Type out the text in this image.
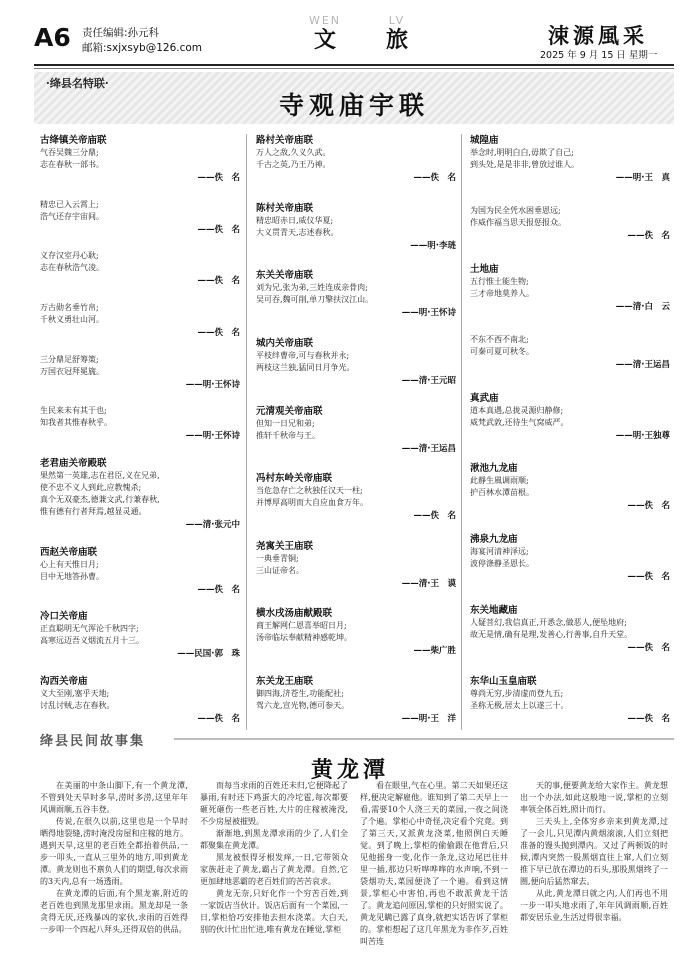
A6 责任编辑:孙元科
邮箱:sxjxsyb@126.com
WEN
文
LV
旅	涑源風采
2025 年 9 月 15 日 星期一
·绛县名特联·
寺观庙宇联
古绛镇关帝庙联
气吞吴魏三分鼎;
志在春秋一部书。
——佚　名
精忠已入云霄上;
浩气还存宇宙间。
——佚　名
义存汉室丹心耿;
志在春秋浩气凌。
——佚　名
万古勋名垂竹帛;
千秋义勇壮山河。
——佚　名
三分鼎足舒筹策;
万国衣冠拜冕旒。
——明·王怀诗
生民来未有其于也;
知我者其惟春秋乎。
——明·王怀诗
老君庙关帝殿联
果然第一英雄,志在君臣,义在兄弟,
使不忠不义人到此,应教愧杀;
真个无双豪杰,德兼文武,行兼春秋,
惟有德有行者拜焉,越显灵通。
——清·张元中
西赵关帝庙联
心上有天惟日月;
目中无地答孙曹。
——佚　名
冷口关帝庙
正直聪明无气浑沦千秋四字;
高寒远迈吾义烟流五月十三。
——民国·郭　珠
沟西关帝庙
义大至刚,塞乎天地;
讨乱讨贼,志在春秋。
——佚　名
路村关帝庙联
万人之敌,久义久武。
千古之英,乃王乃神。
——佚　名
陈村关帝庙联
精忠昭赤日,威仪华夏;
大义贯青天,志述春秋。
——明·李琏
东关关帝庙联
刘为兄,张为弟,三姓连成亲骨肉;
吴可吞,魏可削,单刀擎扶汉江山。
——明·王怀诗
城内关帝庙联
平枝绊曹帝,可与春秋并永;
两枝这兰独,猛同日月争光。
——清·王元昭
元清观关帝庙联
但知一日兄和弟;
推轩千秋帝与王。
——清·王运昌
冯村东岭关帝庙联
当危急存亡之秋独任汉天一柱;
并博厚高明而大自应血食万年。
——佚　名
尧寓关王庙联
一典垂青铜;
三山证帝名。
——清·王　谟
横水戌汤庙献殿联
商王解网仁恩喜举昭日月;
汤帝临坛奉献精神感乾坤。
——柴广胜
东关龙王庙联
御四海,济苍生,功能配社;
驾六龙,宣光物,德可参天。
——明·王　洋
城隍庙
举念时,明明白白,毋欺了自己;
到头处,是是非非,曾放过谁人。
——明·王　真
为国为民全凭水困垂恩远;
作威作福当思天报惩报众。
——佚　名
土地庙
五行惟土能生物;
三才帝地莫养人。
——清·白　云
不东不西不南北;
可秦可夏可秋冬。
——清·王运昌
真武庙
道本真遇,总拢灵源归静修;
威梵武敦,还待生气窝威严。
——明·王独尊
湫池九龙庙
此靜生風调雨顺;
护百林水潭苗根。
——佚　名
沸泉九龙庙
海宴河清神泽远;
波停涤静圣恩长。
——佚　名
东关地藏庙
人疑菩幻,我信真正,开悉念,做恶人,便坠地府;
故无是情,确有是理,发善心,行善事,自升天堂。
——佚　名
东华山玉皇庙联
尊尚无穷,步清虚而登九五;
圣称无极,居太上以遂三十。
——佚　名
绛县民间故事集
黄龙潭

在美丽的中条山脚下,有一个黄龙潭,不管到处天旱时多旱,涝时多涝,这里年年风调雨顺,五谷丰登。

传说,在很久以前,这里也是一个旱时晒得地裂缝,涝时淹没房屋和庄稼的地方。遇到天旱,这里的老百姓全都抬着供品,一步一叩头,一直从三里外的地方,叩到黄龙潭。黄龙则也不禀负人们的期望,每次求雨的3天内,总有一场透雨。

在黄龙潭的后面,有个黑龙寨,附近的老百姓也到黑龙那里求雨。黑龙却是一条贪得无厌,还残暴凶的家伙,求雨的百姓得一步叩一个四起八拜头,还得双倍的供品。

而每当求雨的百姓还未归,它便降起了暴雨,有时还下鸡蛋大的冷坨雹,每次都要砸死砸伤一些老百姓,大片的庄稼被淹没,不少房屋被摧毁。

渐渐地,到黑龙潭求雨的少了,人们全都聚集在黄龙潭。

黑龙被恨得牙根发痒,一日,它带领众家族赶走了黄龙,霸占了黄龙潭。自然,它更加肆地恶霸的老百姓们的苦苦哀求。

黄龙无奈,只好化作一个穷苦百姓,到一家饭店当伙计。饭店后面有一个菜园,一日,掌柜恰巧安排他去担水浇菜。大白天,别的伙计忙出忙进,唯有黄龙在睡觉,掌柜

看在眼里,气在心里。第二天如果还这样,便决定解雇他。谁知到了第二天早上一看,需要10个人浇三天的菜园,一夜之间浇了个遍。掌柜心中奇怪,决定看个究竟。到了第三天,又派黄龙浇菜,他照例白天睡觉。到了晚上,掌柜的偷偷跟在他背后,只见他摇身一变,化作一条龙,这边尾巴往井里一插,那边只听哗哗哗的水声响,不到一袋烟功夫,菜园便浇了一个遍。看到这情景,掌柜心中害怕,再也不敢派黄龙干活了。黄龙追问原因,掌柜的只好照实说了。黄龙见瞒已露了真身,就把实话告诉了掌柜的。掌柜想起了这几年黑龙为非作歹,百姓叫苦连

天的事,便要黄龙给大家作主。黄龙想出一个办法,如此这般地一说,掌柜的立刻率领全体百姓,照计而行。

三天头上,全体穷乡亲来到黄龙潭,过了一会儿,只见潭内黄烟滚滚,人们立刻把准备的馒头抛到潭内。又过了两顿饭的时候,潭内突然一股黑烟直往上窜,人们立刻推下早已放在潭边的石头,那股黑烟终了一圈,便向后猛然窜去。

从此,黄龙潭日就之内,人们再也不用一步一叩头地求雨了,年年风调雨顺,百姓都安居乐业,生活过得很幸福。
